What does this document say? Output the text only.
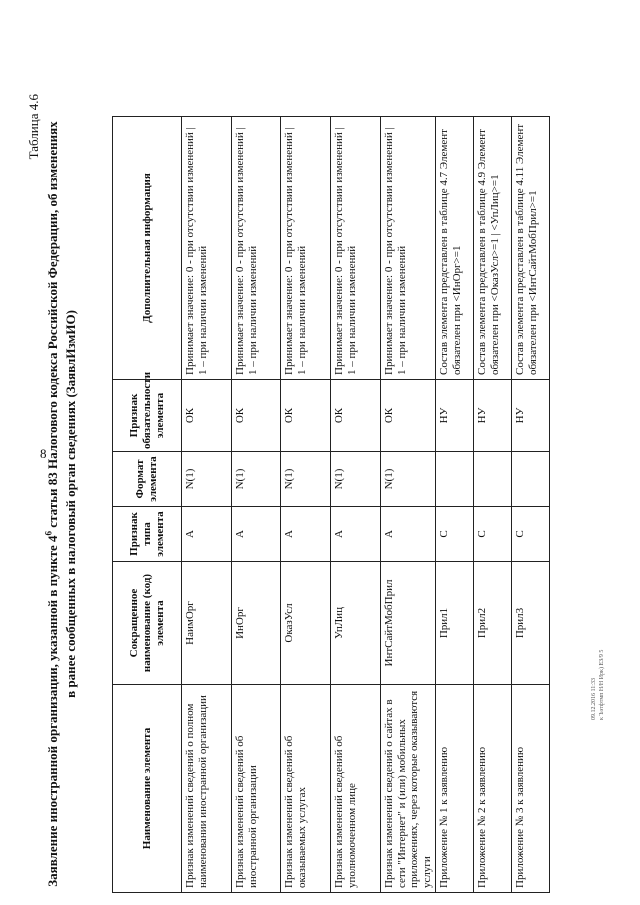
8
09.12.2016 11:33 к Ъэтфтмп Н/Н Ирк) ЕЗ/9 5
Таблица 4.6
Заявление иностранной организации, указанной в пункте $4^6$ статьи 83 Налогового кодекса Российской Федерации, об изменениях в ранее сообщенных в налоговый орган сведениях (ЗаявлИзмИО)
Наименование элемента	Сокращенное наименование (код) элемента	Признак типа элемента	Формат элемента	Признак обязательности элемента	Дополнительная информация
Признак изменений сведений о полном наименовании иностранной организации	НаимОрг	А	N(1)	ОК	Принимает значение: 0 - при отсутствии изменений | 1 – при наличии изменений
Признак изменений сведений об иностранной организации	ИнОрг	А	N(1)	ОК	Принимает значение: 0 - при отсутствии изменений | 1 – при наличии изменений
Признак изменений сведений об оказываемых услугах	ОказУсл	А	N(1)	ОК	Принимает значение: 0 - при отсутствии изменений | 1 – при наличии изменений
Признак изменений сведений об уполномоченном лице	УпЛиц	А	N(1)	ОК	Принимает значение: 0 - при отсутствии изменений | 1 – при наличии изменений
Признак изменений сведений о сайтах в сети "Интернет" и (или) мобильных приложениях, через которые оказываются услуги	ИнтСайтМобПрил	А	N(1)	ОК	Принимает значение: 0 - при отсутствии изменений | 1 – при наличии изменений
Приложение № 1 к заявлению	Прил1	С		НУ	Состав элемента представлен в таблице 4.7 Элемент обязателен при <ИнОрг>=1
Приложение № 2 к заявлению	Прил2	С		НУ	Состав элемента представлен в таблице 4.9 Элемент обязателен при <ОказУсл>=1 | <УпЛиц>=1
Приложение № 3 к заявлению	Прил3	С		НУ	Состав элемента представлен в таблице 4.11 Элемент обязателен при <ИнтСайтМобПрил>=1
